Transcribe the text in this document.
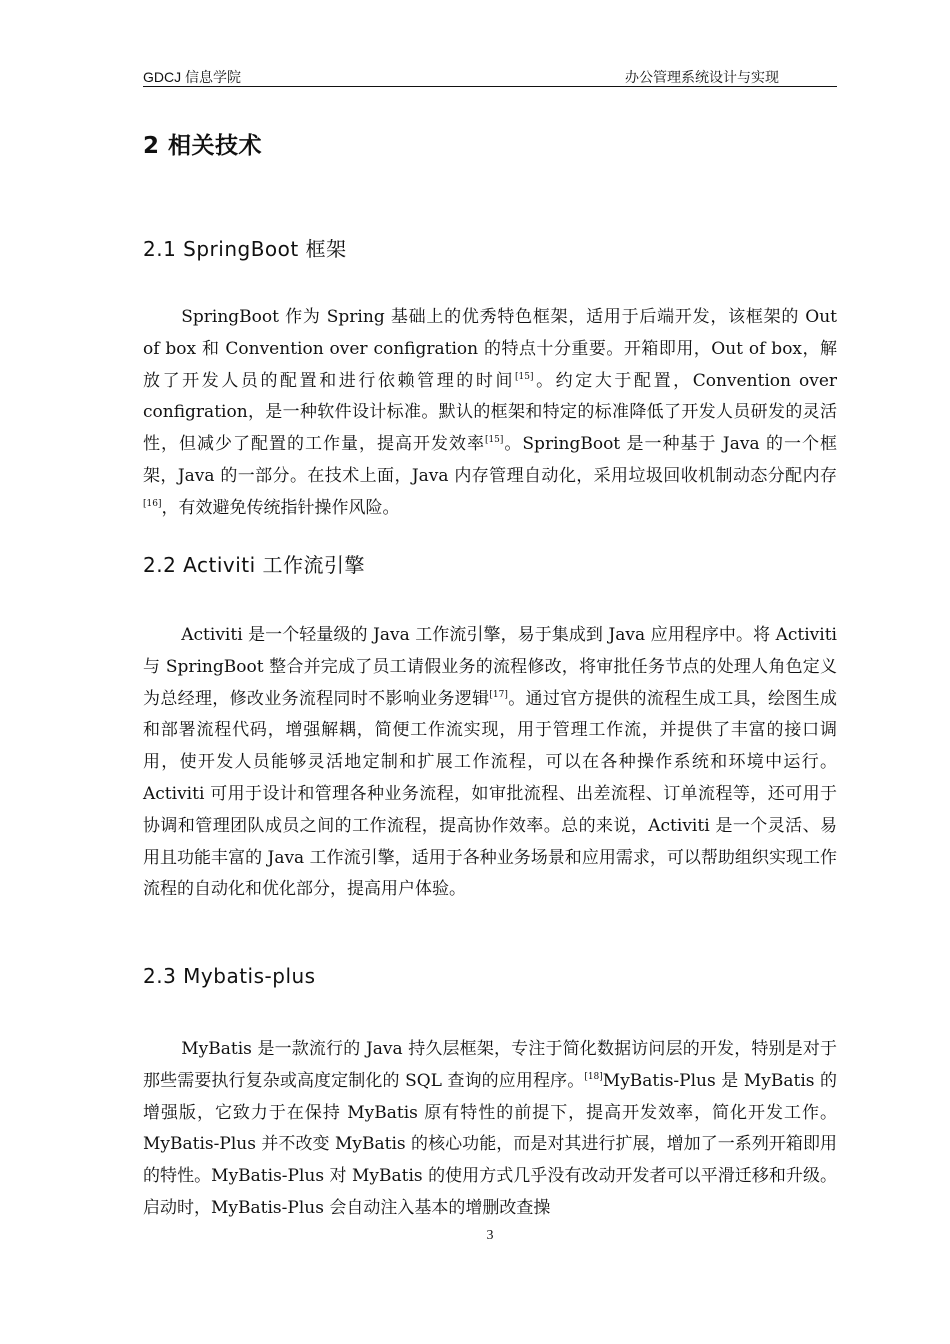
GDCJ 信息学院	办公管理系统设计与实现
2 相关技术
2.1 SpringBoot 框架

SpringBoot 作为 Spring 基础上的优秀特色框架，适用于后端开发，该框架的 Out of box 和 Convention over configration 的特点十分重要。开箱即用，Out of box，解放了开发人员的配置和进行依赖管理的时间[15]。约定大于配置，Convention over configration，是一种软件设计标准。默认的框架和特定的标准降低了开发人员研发的灵活性，但减少了配置的工作量，提高开发效率[15]。SpringBoot 是一种基于 Java 的一个框架，Java 的一部分。在技术上面，Java 内存管理自动化，采用垃圾回收机制动态分配内存[16]，有效避免传统指针操作风险。

2.2 Activiti 工作流引擎

Activiti 是一个轻量级的 Java 工作流引擎，易于集成到 Java 应用程序中。将 Activiti 与 SpringBoot 整合并完成了员工请假业务的流程修改，将审批任务节点的处理人角色定义为总经理，修改业务流程同时不影响业务逻辑[17]。通过官方提供的流程生成工具，绘图生成和部署流程代码，增强解耦，简便工作流实现，用于管理工作流，并提供了丰富的接口调用，使开发人员能够灵活地定制和扩展工作流程，可以在各种操作系统和环境中运行。Activiti 可用于设计和管理各种业务流程，如审批流程、出差流程、订单流程等，还可用于协调和管理团队成员之间的工作流程，提高协作效率。总的来说，Activiti 是一个灵活、易用且功能丰富的 Java 工作流引擎，适用于各种业务场景和应用需求，可以帮助组织实现工作流程的自动化和优化部分，提高用户体验。

2.3 Mybatis-plus

MyBatis 是一款流行的 Java 持久层框架，专注于简化数据访问层的开发，特别是对于那些需要执行复杂或高度定制化的 SQL 查询的应用程序。[18]MyBatis-Plus 是 MyBatis 的增强版，它致力于在保持 MyBatis 原有特性的前提下，提高开发效率，简化开发工作。MyBatis-Plus 并不改变 MyBatis 的核心功能，而是对其进行扩展，增加了一系列开箱即用的特性。MyBatis-Plus 对 MyBatis 的使用方式几乎没有改动开发者可以平滑迁移和升级。启动时，MyBatis-Plus 会自动注入基本的增删改查操

3
